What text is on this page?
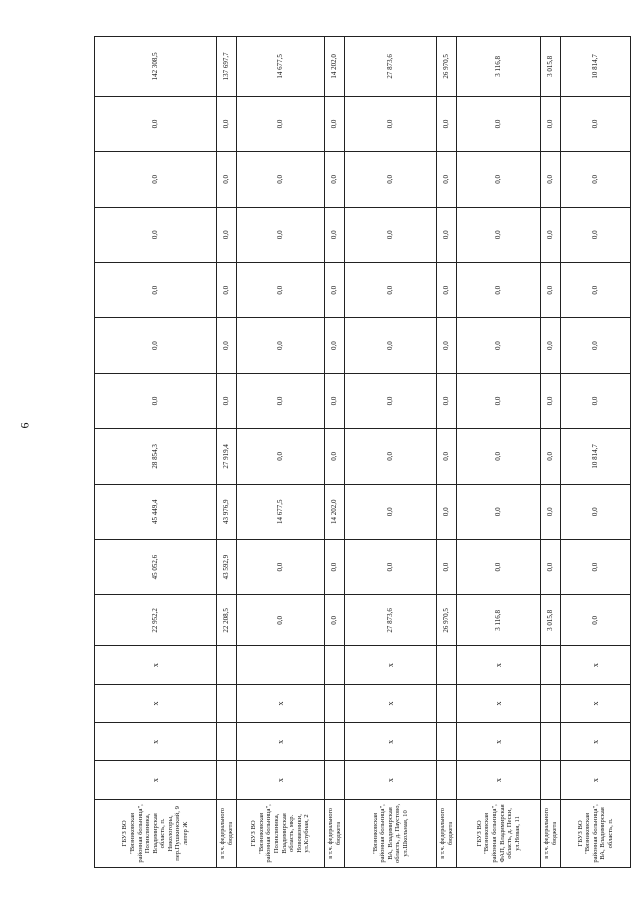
6
ГБУЗ ВО "Вязниковская районная больница", Поликлиника, Владимирская область, п. Никологоры, пер.Пушкинский, 9 литер Ж	x	x	x	x	22 952,2	45 052,6	45 449,4	28 854,3	0,0	0,0	0,0	0,0	0,0	0,0	142 308,5
в т.ч. федерального бюджета					22 208,5	43 592,9	43 976,9	27 919,4	0,0	0,0	0,0	0,0	0,0	0,0	137 697,7
ГБУЗ ВО "Вязниковская районная больница", Поликлиника, Владимирская область, мкр. Нововязники, ул.Клубная, 2	x	x	x		0,0	0,0	14 677,5	0,0	0,0	0,0	0,0	0,0	0,0	0,0	14 677,5
в т.ч. федерального бюджета					0,0	0,0	14 202,0	0,0	0,0	0,0	0,0	0,0	0,0	0,0	14 202,0
"Вязниковская районная больница", ВА, Владимирская область, д. Паустово, ул.Школьная, 10	x	x	x	x	27 873,6	0,0	0,0	0,0	0,0	0,0	0,0	0,0	0,0	0,0	27 873,6
в т.ч. федерального бюджета					26 970,5	0,0	0,0	0,0	0,0	0,0	0,0	0,0	0,0	0,0	26 970,5
ГБУЗ ВО "Вязниковская районная больница", ФАП, Владимирская область, д. Пески, ул.Новая, 11	x	x	x	x	3 116,8	0,0	0,0	0,0	0,0	0,0	0,0	0,0	0,0	0,0	3 116,8
в т.ч. федерального бюджета					3 015,8	0,0	0,0	0,0	0,0	0,0	0,0	0,0	0,0	0,0	3 015,8
ГБУЗ ВО "Вязниковская районная больница", ВА, Владимирская область, п.	x	x	x	x	0,0	0,0	0,0	10 814,7	0,0	0,0	0,0	0,0	0,0	0,0	10 814,7
